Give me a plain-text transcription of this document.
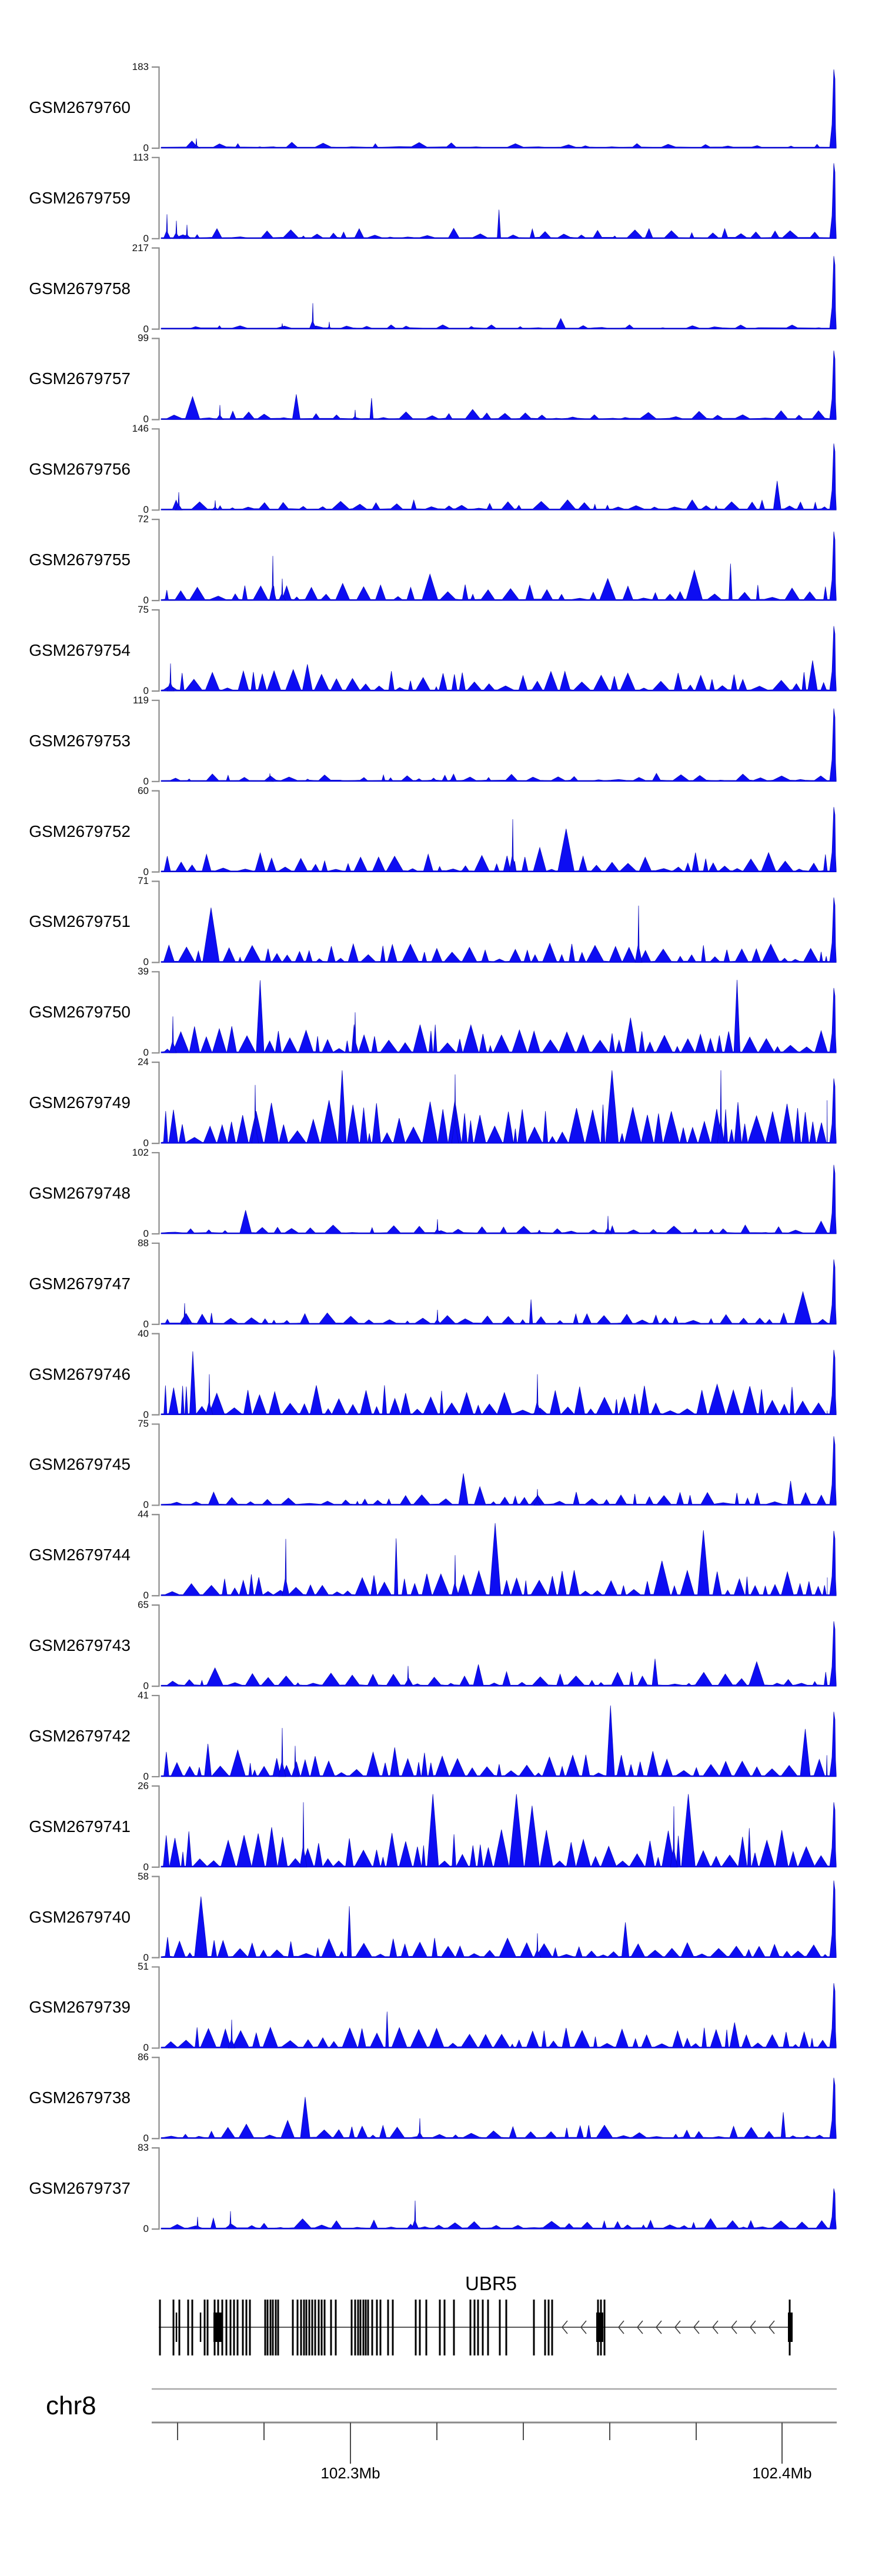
GSM2679760
183
0
GSM2679759
113
0
GSM2679758
217
0
GSM2679757
99
0
GSM2679756
146
0
GSM2679755
72
0
GSM2679754
75
0
GSM2679753
119
0
GSM2679752
60
0
GSM2679751
71
0
GSM2679750
39
0
GSM2679749
24
0
GSM2679748
102
0
GSM2679747
88
0
GSM2679746
40
0
GSM2679745
75
0
GSM2679744
44
0
GSM2679743
65
0
GSM2679742
41
0
GSM2679741
26
0
GSM2679740
58
0
GSM2679739
51
0
GSM2679738
86
0
GSM2679737
83
0
UBR5
102.3Mb	102.4Mb
chr8
